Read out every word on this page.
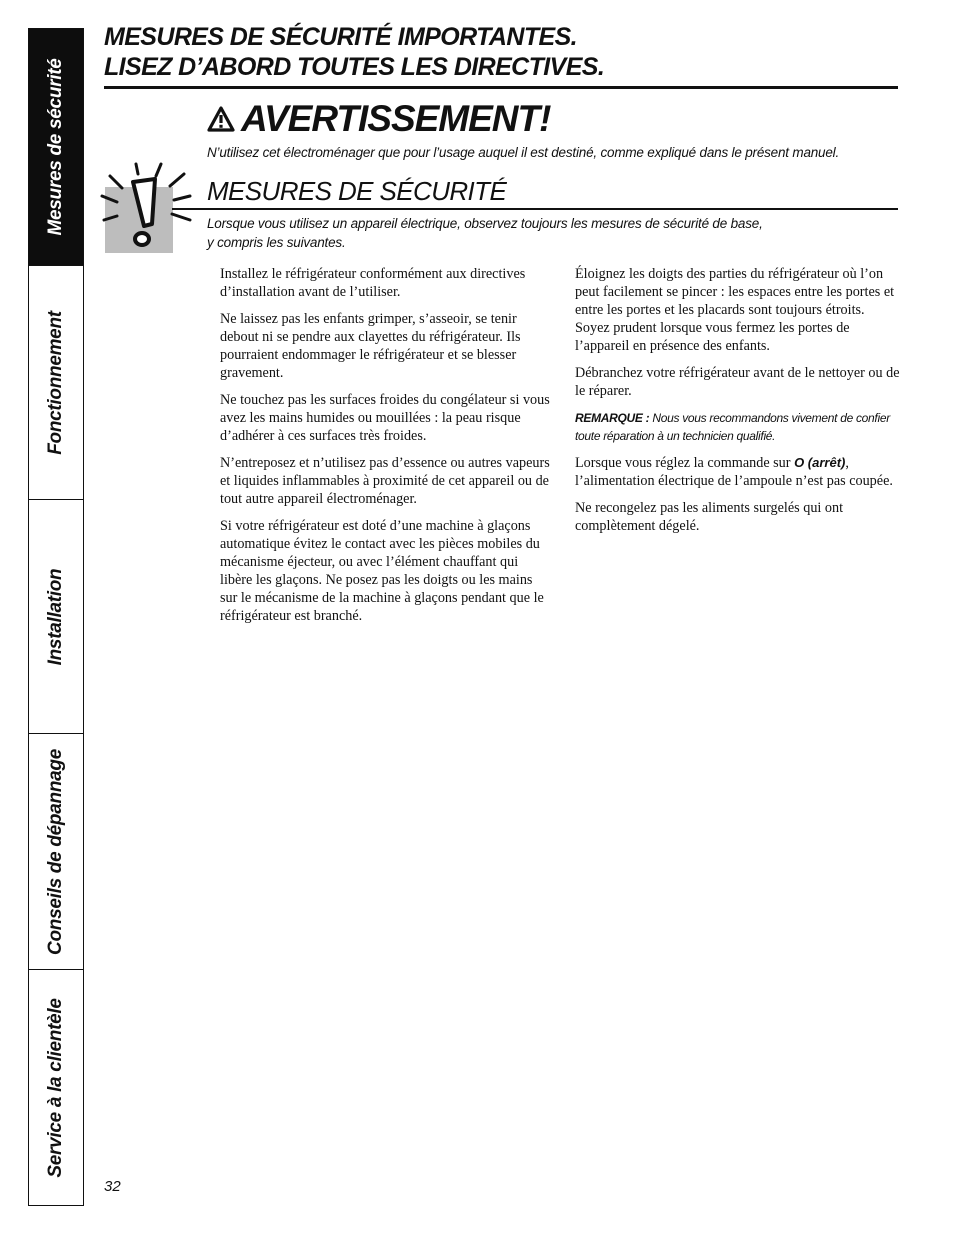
Mesures de sécurité
Fonctionnement
Installation
Conseils de dépannage
Service à la clientèle
MESURES DE SÉCURITÉ IMPORTANTES.
LISEZ D’ABORD TOUTES LES DIRECTIVES.
AVERTISSEMENT!
N’utilisez cet électroménager que pour l’usage auquel il est destiné, comme expliqué dans le présent manuel.
MESURES DE SÉCURITÉ
Lorsque vous utilisez un appareil électrique, observez toujours les mesures de sécurité de base,
y compris les suivantes.

Installez le réfrigérateur conformément aux directives d’installation avant de l’utiliser.

Ne laissez pas les enfants grimper, s’asseoir, se tenir debout ni se pendre aux clayettes du réfrigérateur. Ils pourraient endommager le réfrigérateur et se blesser gravement.

Ne touchez pas les surfaces froides du congélateur si vous avez les mains humides ou mouillées : la peau risque d’adhérer à ces surfaces très froides.

N’entreposez et n’utilisez pas d’essence ou autres vapeurs et liquides inflammables à proximité de cet appareil ou de tout autre appareil électroménager.

Si votre réfrigérateur est doté d’une machine à glaçons automatique évitez le contact avec les pièces mobiles du mécanisme éjecteur, ou avec l’élément chauffant qui libère les glaçons. Ne posez pas les doigts ou les mains sur le mécanisme de la machine à glaçons pendant que le réfrigérateur est branché.

Éloignez les doigts des parties du réfrigérateur où l’on peut facilement se pincer : les espaces entre les portes et entre les portes et les placards sont toujours étroits. Soyez prudent lorsque vous fermez les portes de l’appareil en présence des enfants.

Débranchez votre réfrigérateur avant de le nettoyer ou de le réparer.

REMARQUE : Nous vous recommandons vivement de confier toute réparation à un technicien qualifié.

Lorsque vous réglez la commande sur O (arrêt), l’alimentation électrique de l’ampoule n’est pas coupée.

Ne recongelez pas les aliments surgelés qui ont complètement dégelé.

32
